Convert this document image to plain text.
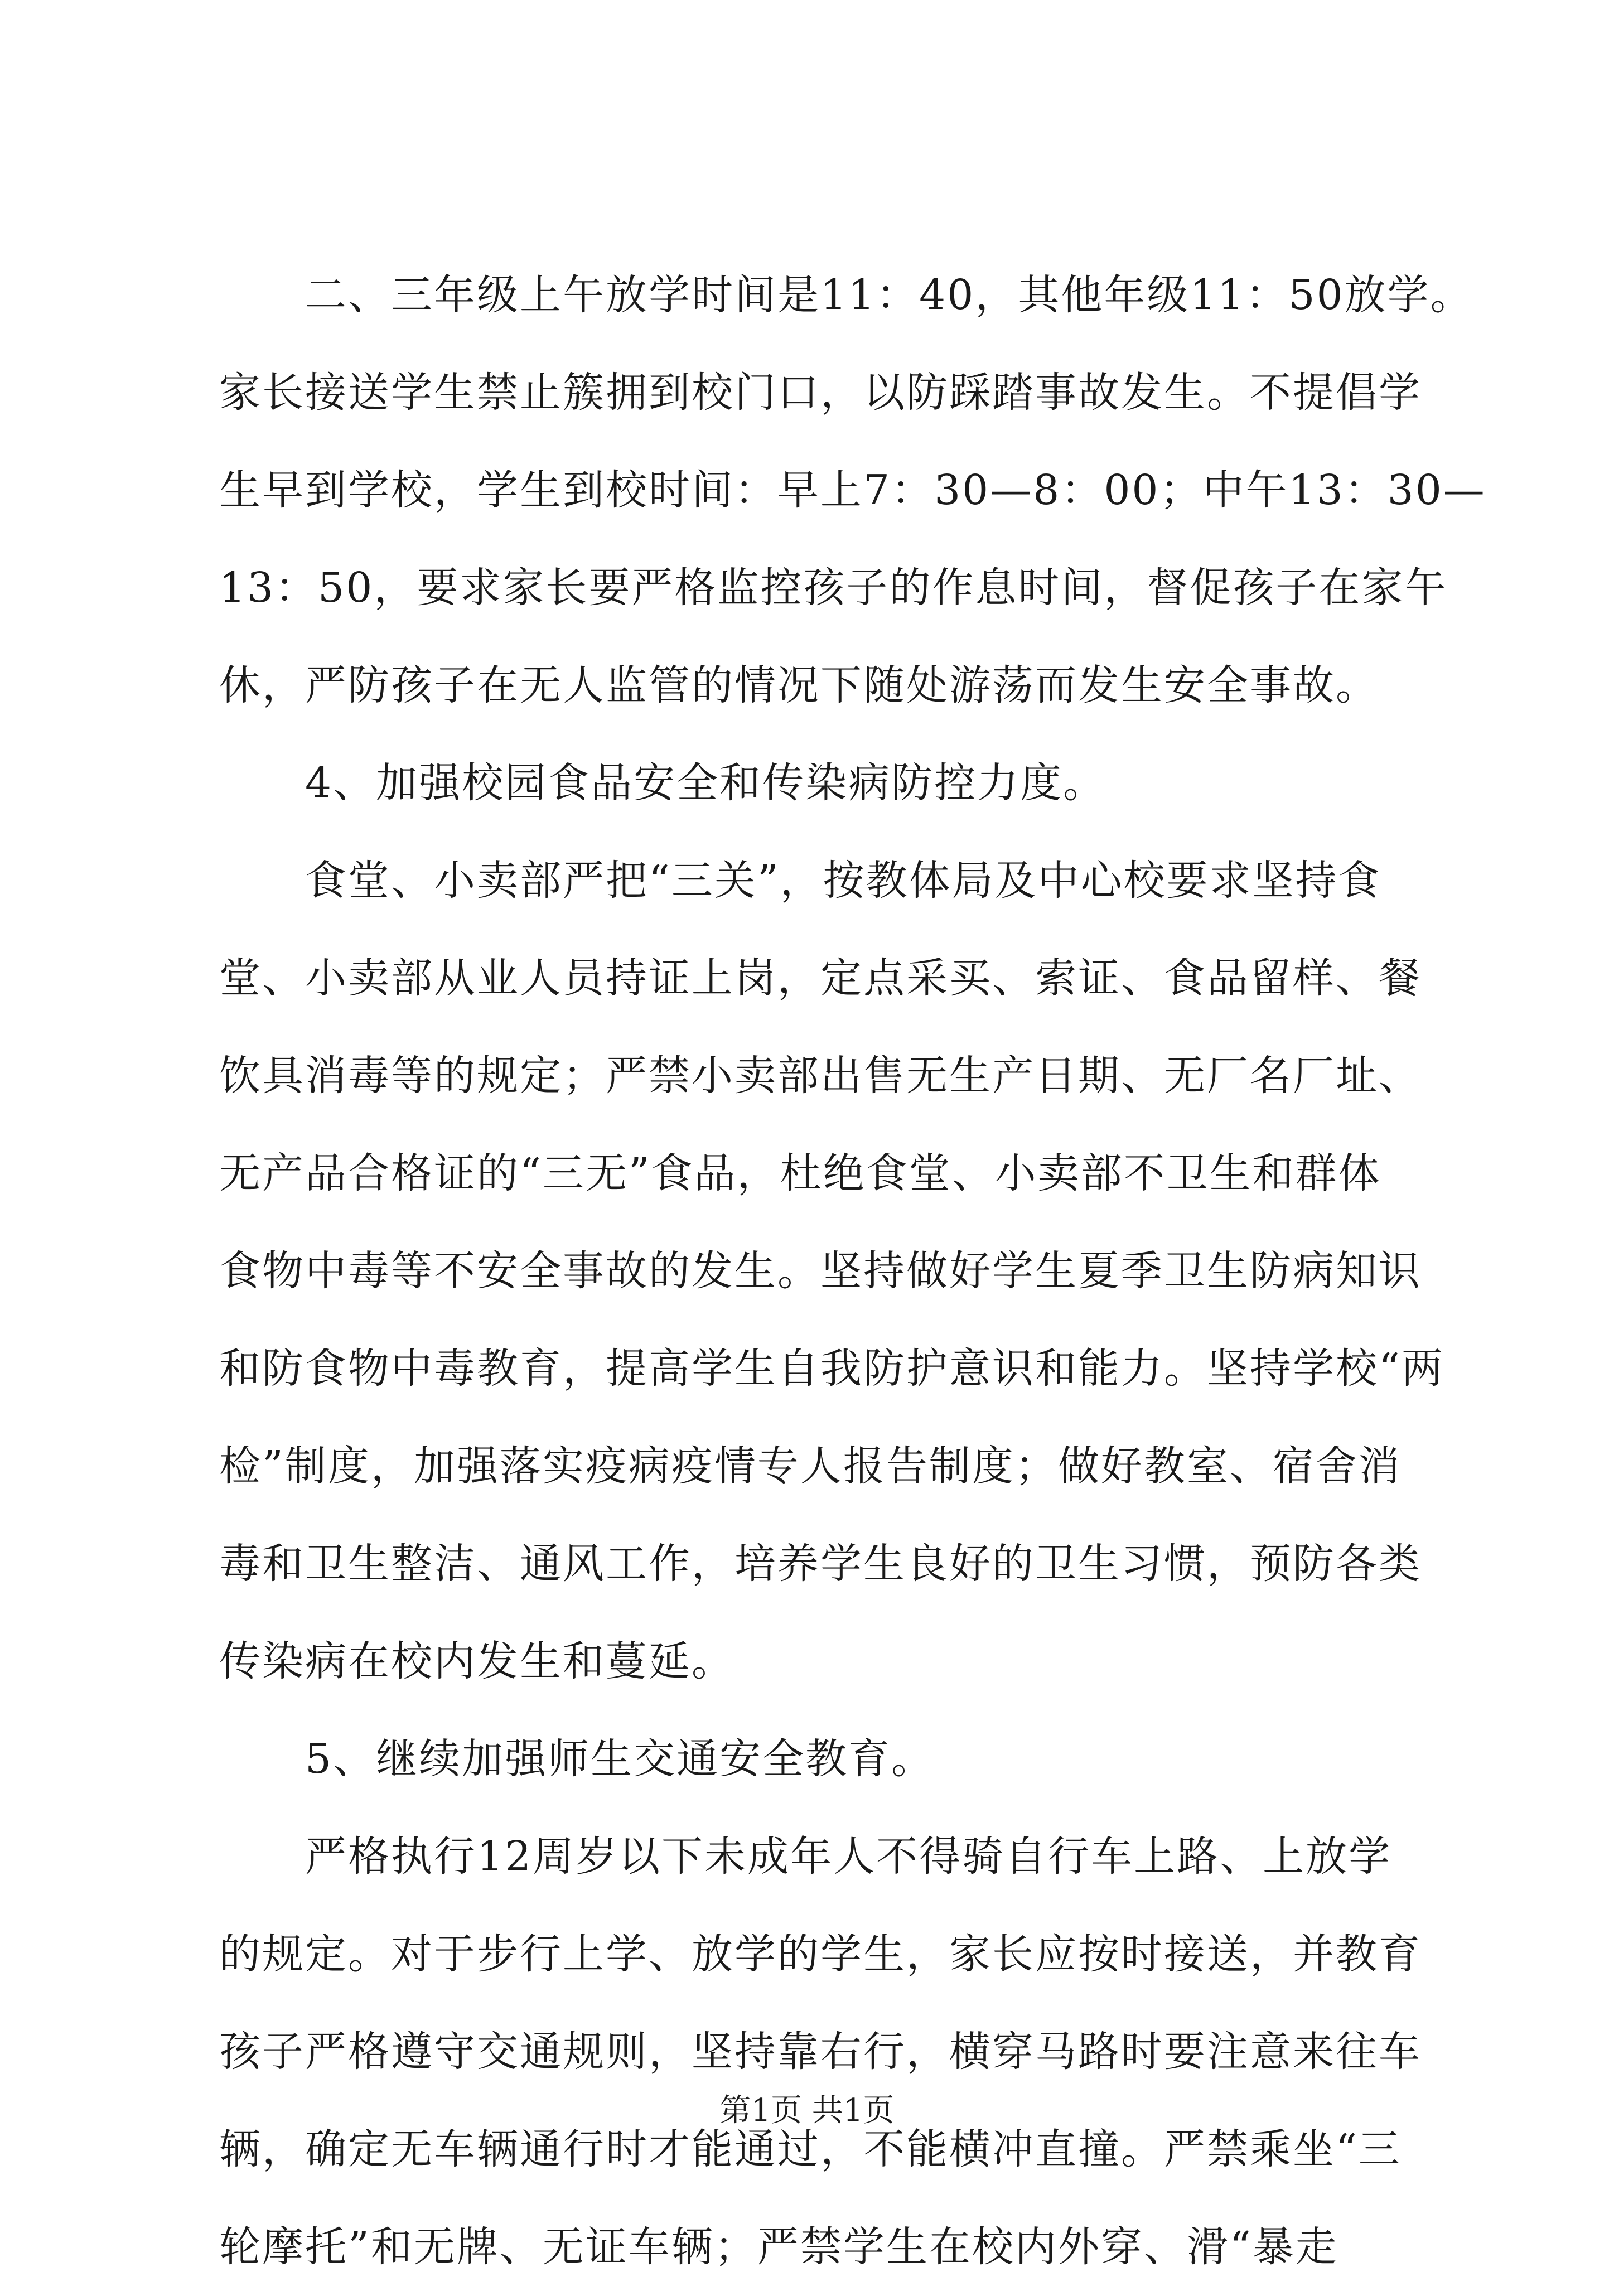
　　二、三年级上午放学时间是11：40，其他年级11：50放学。
家长接送学生禁止簇拥到校门口，以防踩踏事故发生。不提倡学
生早到学校，学生到校时间：早上7：30—8：00；中午13：30—
13：50，要求家长要严格监控孩子的作息时间，督促孩子在家午
休，严防孩子在无人监管的情况下随处游荡而发生安全事故。
　　4、加强校园食品安全和传染病防控力度。
　　食堂、小卖部严把“三关”，按教体局及中心校要求坚持食
堂、小卖部从业人员持证上岗，定点采买、索证、食品留样、餐
饮具消毒等的规定；严禁小卖部出售无生产日期、无厂名厂址、
无产品合格证的“三无”食品，杜绝食堂、小卖部不卫生和群体
食物中毒等不安全事故的发生。坚持做好学生夏季卫生防病知识
和防食物中毒教育，提高学生自我防护意识和能力。坚持学校“两
检”制度，加强落实疫病疫情专人报告制度；做好教室、宿舍消
毒和卫生整洁、通风工作，培养学生良好的卫生习惯，预防各类
传染病在校内发生和蔓延。
　　5、继续加强师生交通安全教育。
　　严格执行12周岁以下未成年人不得骑自行车上路、上放学
的规定。对于步行上学、放学的学生，家长应按时接送，并教育
孩子严格遵守交通规则，坚持靠右行，横穿马路时要注意来往车
辆，确定无车辆通行时才能通过，不能横冲直撞。严禁乘坐“三
轮摩托”和无牌、无证车辆；严禁学生在校内外穿、滑“暴走
第1页 共1页
